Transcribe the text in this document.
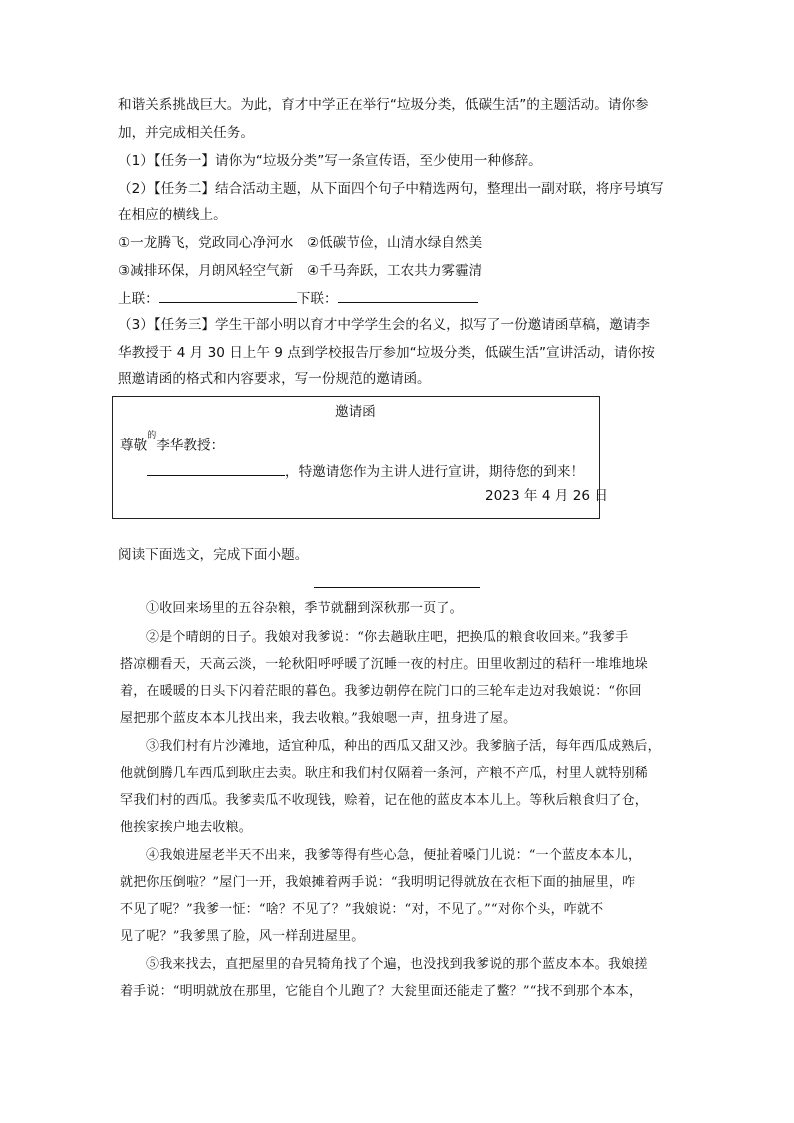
和谐关系挑战巨大。为此，育才中学正在举行“垃圾分类，低碳生活”的主题活动。请你参
加，并完成相关任务。
（1）【任务一】请你为“垃圾分类”写一条宣传语，至少使用一种修辞。
（2）【任务二】结合活动主题，从下面四个句子中精选两句，整理出一副对联，将序号填写
在相应的横线上。
①一龙腾飞，党政同心净河水　②低碳节俭，山清水绿自然美
③减排环保，月朗风轻空气新　④千马奔跃，工农共力雾霾清
上联：	下联：
（3）【任务三】学生干部小明以育才中学学生会的名义，拟写了一份邀请函草稿，邀请李
华教授于 4 月 30 日上午 9 点到学校报告厅参加“垃圾分类，低碳生活”宣讲活动，请你按
照邀请函的格式和内容要求，写一份规范的邀请函。
邀请函
尊敬$^的$李华教授：
，特邀请您作为主讲人进行宣讲，期待您的到来！
2023 年 4 月 26 日
阅读下面选文，完成下面小题。
①收回来场里的五谷杂粮，季节就翻到深秋那一页了。
②是个晴朗的日子。我娘对我爹说：“你去趟耿庄吧，把换瓜的粮食收回来。”我爹手
搭凉棚看天，天高云淡，一轮秋阳呼呼暖了沉睡一夜的村庄。田里收割过的秸秆一堆堆地垛
着，在暖暖的日头下闪着茫眼的暮色。我爹边朝停在院门口的三轮车走边对我娘说：“你回
屋把那个蓝皮本本儿找出来，我去收粮。”我娘嗯一声，扭身进了屋。
③我们村有片沙滩地，适宜种瓜，种出的西瓜又甜又沙。我爹脑子活，每年西瓜成熟后，
他就倒腾几车西瓜到耿庄去卖。耿庄和我们村仅隔着一条河，产粮不产瓜，村里人就特别稀
罕我们村的西瓜。我爹卖瓜不收现钱，赊着，记在他的蓝皮本本儿上。等秋后粮食归了仓，
他挨家挨户地去收粮。
④我娘进屋老半天不出来，我爹等得有些心急，便扯着嗓门儿说：“一个蓝皮本本儿，
就把你压倒啦？”屋门一开，我娘摊着两手说：“我明明记得就放在衣柜下面的抽屉里，咋
不见了呢？”我爹一怔：“啥？不见了？”我娘说：“对，不见了。”“对你个头，咋就不
见了呢？”我爹黑了脸，风一样刮进屋里。
⑤我来找去，直把屋里的旮旯犄角找了个遍，也没找到我爹说的那个蓝皮本本。我娘搓
着手说：“明明就放在那里，它能自个儿跑了？大瓮里面还能走了鳖？”“找不到那个本本，
